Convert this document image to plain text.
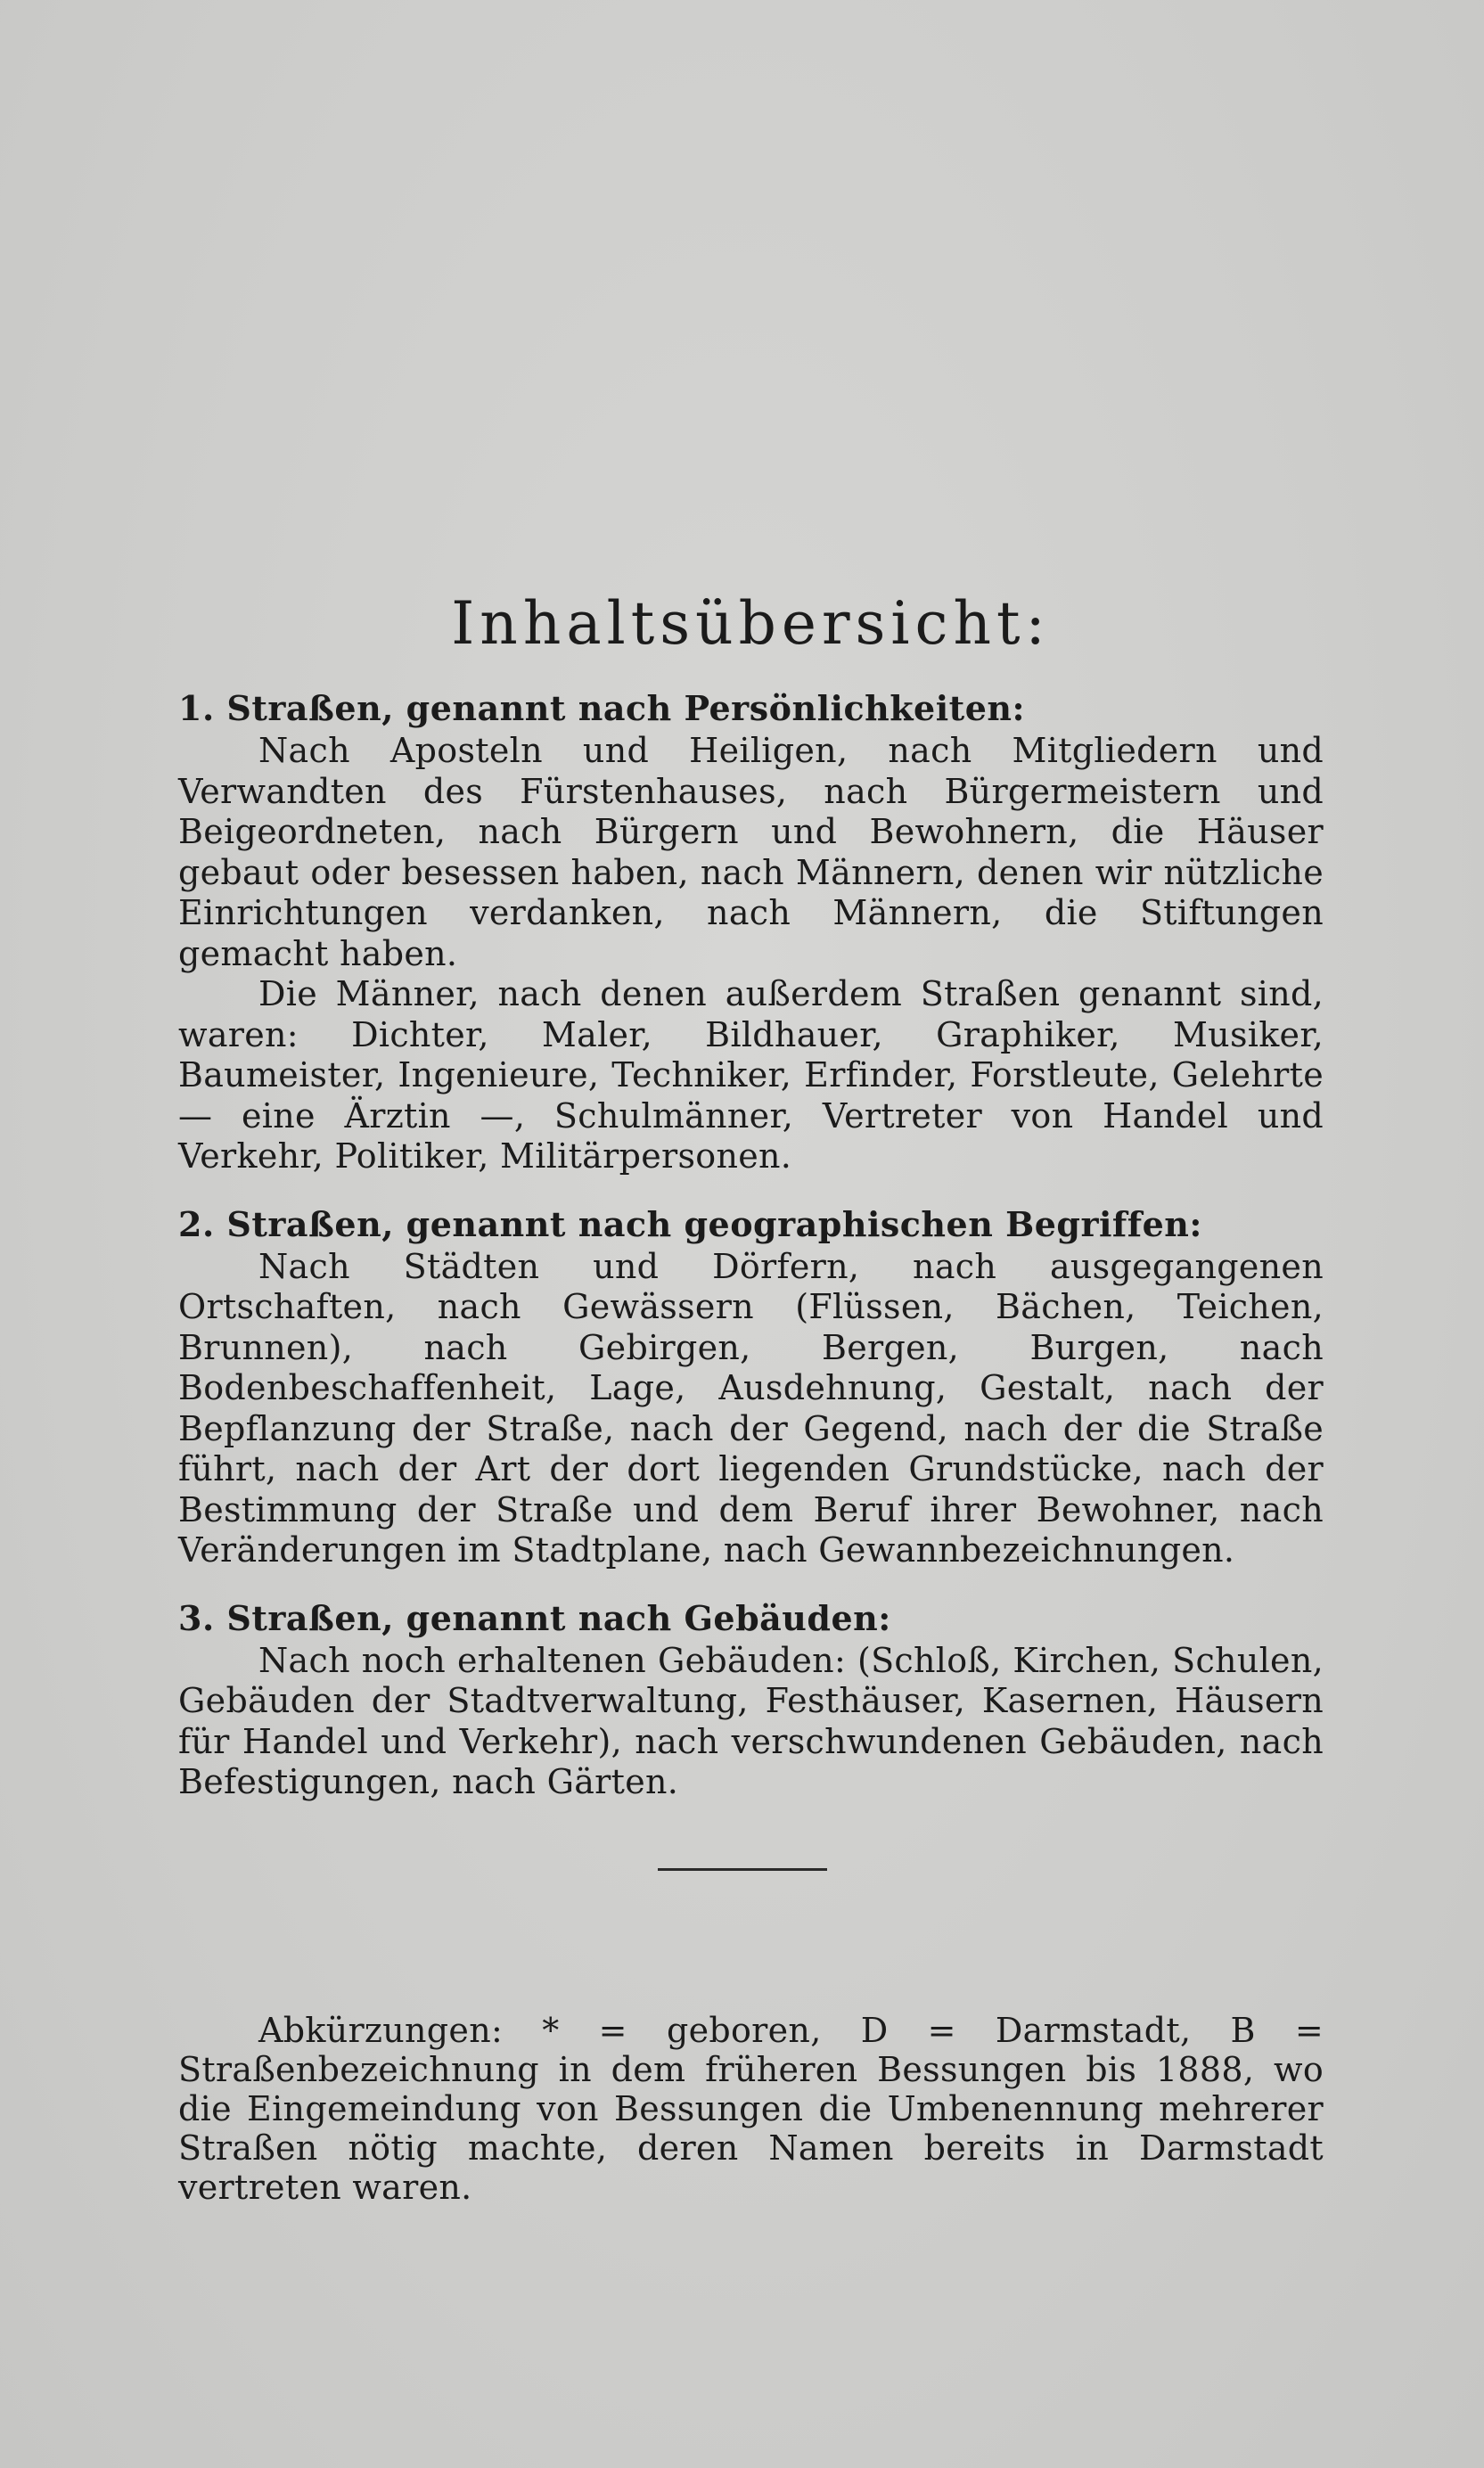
Inhaltsübersicht:

1. Straßen, genannt nach Persönlichkeiten:

Nach Aposteln und Heiligen, nach Mitgliedern und Verwandten des Fürstenhauses, nach Bürgermeistern und Beigeordneten, nach Bürgern und Bewohnern, die Häuser gebaut oder besessen haben, nach Männern, denen wir nützliche Einrichtungen verdanken, nach Männern, die Stiftungen gemacht haben.

Die Männer, nach denen außerdem Straßen genannt sind, waren: Dichter, Maler, Bildhauer, Graphiker, Musiker, Baumeister, Ingenieure, Techniker, Erfinder, Forstleute, Gelehrte — eine Ärztin —, Schulmänner, Vertreter von Handel und Verkehr, Politiker, Militärpersonen.

2. Straßen, genannt nach geographischen Begriffen:

Nach Städten und Dörfern, nach ausgegangenen Ortschaften, nach Gewässern (Flüssen, Bächen, Teichen, Brunnen), nach Gebirgen, Bergen, Burgen, nach Bodenbeschaffenheit, Lage, Ausdehnung, Gestalt, nach der Bepflanzung der Straße, nach der Gegend, nach der die Straße führt, nach der Art der dort liegenden Grundstücke, nach der Bestimmung der Straße und dem Beruf ihrer Bewohner, nach Veränderungen im Stadtplane, nach Gewannbezeichnungen.

3. Straßen, genannt nach Gebäuden:

Nach noch erhaltenen Gebäuden: (Schloß, Kirchen, Schulen, Gebäuden der Stadtverwaltung, Festhäuser, Kasernen, Häusern für Handel und Verkehr), nach verschwundenen Gebäuden, nach Befestigungen, nach Gärten.

Abkürzungen: * = geboren, D = Darmstadt, B = Straßenbezeichnung in dem früheren Bessungen bis 1888, wo die Eingemeindung von Bessungen die Umbenennung mehrerer Straßen nötig machte, deren Namen bereits in Darmstadt vertreten waren.
